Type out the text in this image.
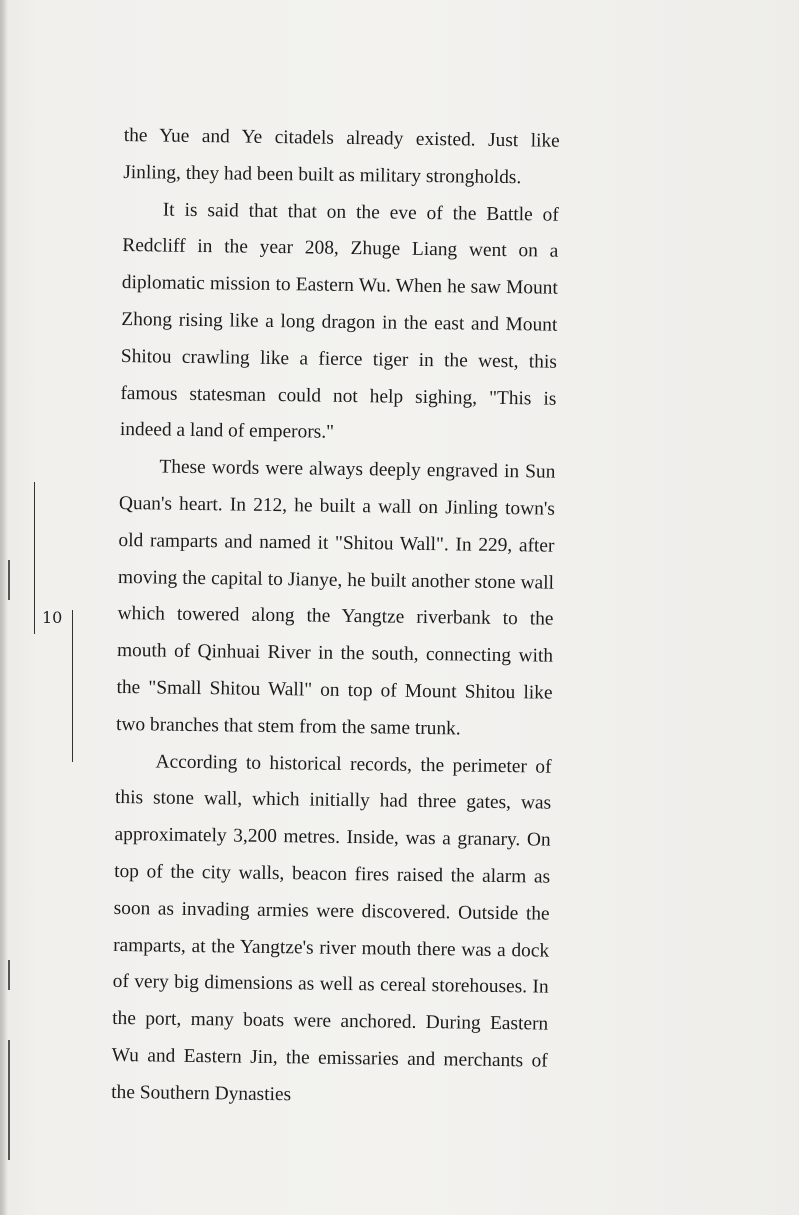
10

the Yue and Ye citadels already existed. Just like Jinling, they had been built as military strongholds.

It is said that that on the eve of the Battle of Redcliff in the year 208, Zhuge Liang went on a diplomatic mission to Eastern Wu. When he saw Mount Zhong rising like a long dragon in the east and Mount Shitou crawling like a fierce tiger in the west, this famous statesman could not help sighing, "This is indeed a land of emperors."

These words were always deeply engraved in Sun Quan's heart. In 212, he built a wall on Jinling town's old ramparts and named it "Shitou Wall". In 229, after moving the capital to Jianye, he built another stone wall which towered along the Yangtze riverbank to the mouth of Qinhuai River in the south, connecting with the "Small Shitou Wall" on top of Mount Shitou like two branches that stem from the same trunk.

According to historical records, the perimeter of this stone wall, which initially had three gates, was approximately 3,200 metres. Inside, was a granary. On top of the city walls, beacon fires raised the alarm as soon as invading armies were discovered. Outside the ramparts, at the Yangtze's river mouth there was a dock of very big dimensions as well as cereal storehouses. In the port, many boats were anchored. During Eastern Wu and Eastern Jin, the emissaries and merchants of the Southern Dynasties
